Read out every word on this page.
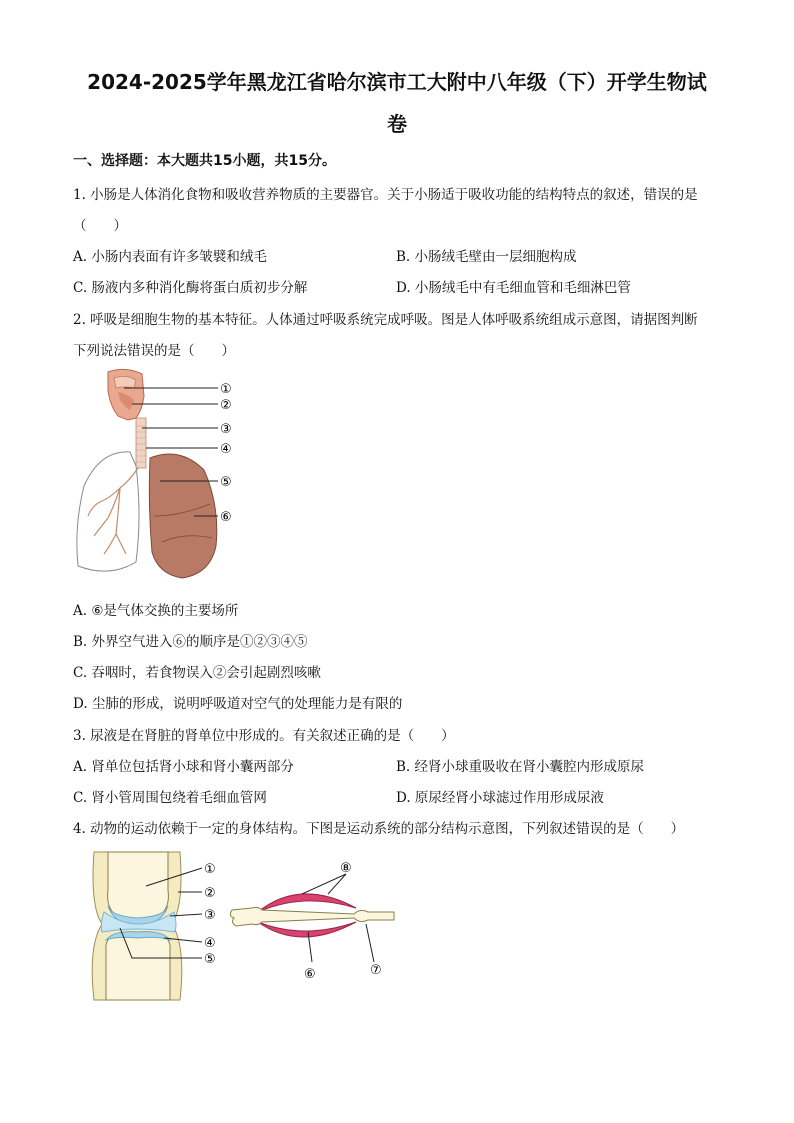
2024-2025学年黑龙江省哈尔滨市工大附中八年级（下）开学生物试
卷
一、选择题：本大题共15小题，共15分。
1. 小肠是人体消化食物和吸收营养物质的主要器官。关于小肠适于吸收功能的结构特点的叙述，错误的是
（　　）
A. 小肠内表面有许多皱襞和绒毛	B. 小肠绒毛壁由一层细胞构成
C. 肠液内多种消化酶将蛋白质初步分解	D. 小肠绒毛中有毛细血管和毛细淋巴管
2. 呼吸是细胞生物的基本特征。人体通过呼吸系统完成呼吸。图是人体呼吸系统组成示意图，请据图判断
下列说法错误的是（　　）
①
②
③
④
⑤
⑥
A. ⑥是气体交换的主要场所
B. 外界空气进入⑥的顺序是①②③④⑤
C. 吞咽时，若食物误入②会引起剧烈咳嗽
D. 尘肺的形成，说明呼吸道对空气的处理能力是有限的
3. 尿液是在肾脏的肾单位中形成的。有关叙述正确的是（　　）
A. 肾单位包括肾小球和肾小囊两部分	B. 经肾小球重吸收在肾小囊腔内形成原尿
C. 肾小管周围包绕着毛细血管网	D. 原尿经肾小球滤过作用形成尿液
4. 动物的运动依赖于一定的身体结构。下图是运动系统的部分结构示意图，下列叙述错误的是（　　）
①
②
③
④
⑤
⑧
⑥	⑦
